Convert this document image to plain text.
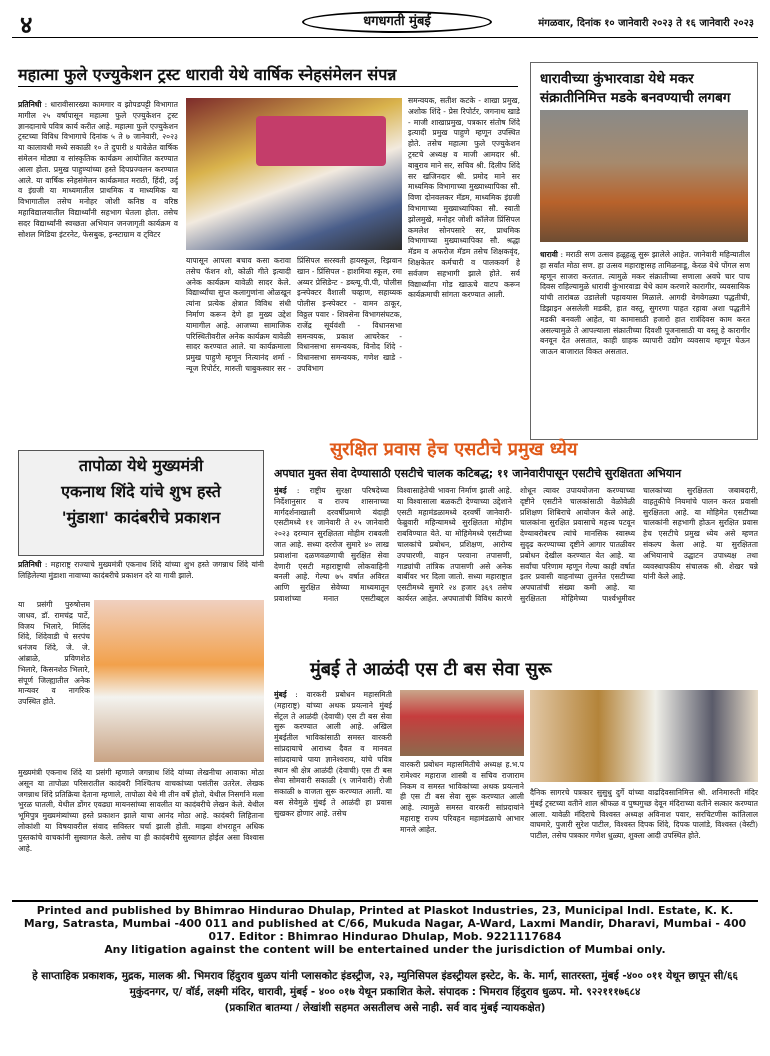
४	धगधगती मुंबई	मंगळवार, दिनांक १० जानेवारी २०२३ ते १६ जानेवारी २०२३
महात्मा फुले एज्युकेशन ट्रस्ट धारावी येथे वार्षिक स्नेहसंमेलन संपन्न
प्रतिनिधी : धारावीसारख्या कामगार व झोपडपट्टी विभागात मागील २५ वर्षापासून महात्मा फुले एज्युकेशन ट्रस्ट ज्ञानदानाचे पवित्र कार्य करीत आहे. महात्मा फुले एज्युकेशन ट्रस्टच्या विविध विभागाचे दिनांक ५ ते ७ जानेवारी, २०२३ या कालावधी मध्ये सकाळी १० ते दुपारी ४ यावेळेत वार्षिक संमेलन मोठ्या व सांस्कृतिक कार्यक्रम आयोजित करण्यात आला होता. प्रमुख पाहुण्यांच्या हस्ते दिपप्रज्वलन करण्यात आले. या वार्षिक स्नेहसंमेलन कार्यक्रमात मराठी, हिंदी, उर्दू व इंग्रजी या माध्यमातील प्राथमिक व माध्यमिक या विभागातील तसेच मनोहर जोशी कनिष्ठ व वरिष्ठ महाविद्यालयातील विद्यार्थ्यांनी सहभाग घेतला होता. तसेच सदर विद्यार्थ्यांनी स्वच्छता अभियान जनजागृती कार्यक्रम व सोशल मिडिया इंटरनेट, फेसबुक, इन्स्टाग्राम व ट्विटर
यापासून आपला बचाव कसा करावा तसेच फॅशन शो, कोळी गीते इत्यादी अनेक कार्यक्रम यावेळी सादर केले. विद्यार्थ्यांचा सुप्त कलागुणांना ओळखून त्यांना प्रत्येक क्षेत्रात विविध संधी निर्माण करून देणे हा मुख्य उद्देश यामागील आहे. आजच्या सामाजिक परिस्थितीवरील अनेक कार्यक्रम यावेळी सादर करण्यात आले. या कार्यक्रमाला प्रमुख पाहुणे म्हणून नित्यानंद शर्मा - न्यूज रिपोर्टर, मारुती चाबुकस्वार सर - प्रिंसिपल सरस्वती हायस्कूल, रिझवान खान - प्रिंसिपल - हाशमिया स्कूल, रमा अय्यर प्रेसिडेन्ट - डब्ल्यू.पी.पी, पोलीस इन्स्पेक्टर वैशाली चव्हाण, सहाय्यक पोलीस इन्स्पेक्टर - वामन ठाकूर, विठ्ठल पवार - शिवसेना विभागसंघटक, राजेंद्र सूर्यवंशी - विधानसभा समन्वयक, प्रकाश आचरेकर - विधानसभा समन्वयक, विनोद शिंदे - विधानसभा समन्वयक, गणेश खाडे - उपविभाग
समन्वयक, सतीश कटके - शाखा प्रमुख, अशोक शिंदे - प्रेस रिपोर्टर, जगनाथ खाडे - माजी शाखाप्रमुख, पत्रकार संतोष शिंदे इत्यादी प्रमुख पाहुणे म्हणून उपस्थित होते. तसेच महात्मा फुले एज्युकेशन ट्रस्टचे अध्यक्ष व माजी आमदार श्री. बाबुराव माने सर, सचिव श्री. दिलीप शिंदे सर खजिनदार श्री. प्रमोद माने सर माध्यमिक विभागाच्या मुख्याध्यापिका सौ. विणा दोनवलकर मॅडम, माध्यमिक इंग्रजी विभागाच्या मुख्याध्यापिका सौ. स्वाती झोलमुखे, मनोहर जोशी कॉलेज प्रिंसिपल कमलेश सोनपसारे सर, प्राथमिक विभागाच्या मुख्याध्यापिका सौ. श्रद्धा मॅडम व अफरोज मॅडम तसेच शिक्षकवृंद, शिक्षकेतर कर्मचारी व पालकवर्ग हे सर्वजण सहभागी झाले होते. सर्व विद्यार्थ्यांना गोड खाऊचे वाटप करून कार्यक्रमाची सांगता करण्यात आली.
धारावीच्या कुंभारवाडा येथे मकर संक्रातीनिमित्त मडके बनवण्याची लगबग
धारावी : मराठी सण उत्सव हळूहळू सुरू झालेले आहेत. जानेवारी महिन्यातील हा सर्वांत मोठा सण. हा उत्सव महाराष्ट्रासह तामिळनाडू, केरळ येथे पोंगल सण म्हणून साजरा करतात. त्यामुळे मकर संक्रातीच्या सणाला अवघे चार पाच दिवस राहिल्यामुळे धारावी कुंभारवाडा येथे काम करणारे कारागीर, व्यवसायिक यांची तारांबळ उडालेली पहावयास मिळाले. आगदी वेगवेगळ्या पद्धतीची, डिझाइन असलेली मडकी, हात वस्तू, सुगरणा पाहत रहावा अशा पद्धतीने मडकी बनवली आहेत, या कामासाठी हजारो हात रात्रंदिवस काम करत असल्यामुळे ते आपल्याला संक्रातीच्या दिवशी पूजनासाठी या वस्तू हे कारागीर बनवून देत असतात, काही ग्राहक व्यापारी उद्योग व्यवसाय म्हणून घेऊन जाऊन बाजारात विकत असतात.
तापोळा येथे मुख्यमंत्री
एकनाथ शिंदे यांचे शुभ हस्ते
'मुंडाशा' कादंबरीचे प्रकाशन
प्रतिनिधी : महाराष्ट्र राज्याचे मुख्यमंत्री एकनाथ शिंदे यांच्या शुभ हस्ते जगन्नाथ शिंदे यांनी लिहिलेल्या मुंडाशा नावाच्या कादंबरीचे प्रकाशन दरे या गावी झाले.
या प्रसंगी पुरुषोत्तम जाधव, डॉ. रामचंद्र पार्टे, विजय भिलारे, मिलिंद शिंदे, शिंदेवाडी चे सरपंच धनंजय शिंदे, जे. जे. आंब्राळे, प्रविणशेठ भिलारे, किसनशेठ भिलारे, संपूर्ण जिल्ह्यातील अनेक मान्यवर व नागरिक उपस्थित होते.
मुख्यमंत्री एकनाथ शिंदे या प्रसंगी म्हणाले जगन्नाथ शिंदे यांच्या लेखनीचा आवाका मोठा असून या तापोळा परिसरातील कादंबरी निश्चितच वाचकांच्या पसंतीस उतरेल. लेखक जगन्नाथ शिंदे प्रतिक्रिया देताना म्हणाले, तापोळा येथे मी तीन वर्षे होतो, येथील निसर्गाने मला भुरळ घातली, येथील डोंगर एवढ्या मायनसांच्या सावलीत या कादंबरीचे लेखन केले. येथील भूमिपुत्र मुख्यमंत्र्यांच्या हस्ते प्रकाशन झाले याचा आनंद मोठा आहे. कादंबरी लिहिताना लोकांशी या विषयावरील संवाद सविस्तर चर्चा झाली होती. माझ्या शंभराहून अधिक पुस्तकांचे वाचकांनी सुस्वागत केले. तसेच या ही कादंबरीचे सुस्वागत होईल असा विश्वास आहे.
सुरक्षित प्रवास हेच एसटीचे प्रमुख ध्येय
अपघात मुक्त सेवा देण्यासाठी एसटीचे चालक कटिबद्ध; ११ जानेवारीपासून एसटीचे सुरक्षितता अभियान
मुंबई : राष्ट्रीय सुरक्षा परिषदेच्या निर्देशानुसार व राज्य शासनाच्या मार्गदर्शनाखाली दरवर्षीप्रमाणे यंदाही एसटीमध्ये ११ जानेवारी ते २५ जानेवारी २०२३ दरम्यान सुरक्षितता मोहीम राबवली जात आहे. सध्या दररोज सुमारे ४० लाख प्रवाशांना दळणवळणाची सुरक्षित सेवा देणारी एसटी महाराष्ट्राची लोकवाहिनी बनली आहे. गेल्या ७५ वर्षात अविरत आणि सुरक्षित सेवेच्या माध्यमातून प्रवाशांच्या मनात एसटीबद्दल विश्वासाहेतेची भावना निर्माण झाली आहे. या विश्वासाला बळकटी देण्याच्या उद्देशाने एसटी महामंडळामध्ये दरवर्षी जानेवारी-फेब्रुवारी महिन्यामध्ये सुरक्षितता मोहीम राबविण्यात येते. या मोहिमेमध्ये एसटीच्या चालकांचे प्रबोधन, प्रशिक्षण, आरोग्य उपचारणी, वाहन परवाना तपासणी, गाड्यांची तांत्रिक तपासणी असे अनेक बाबींवर भर दिला जातो. सध्या महाराष्ट्रात एसटीमध्ये सुमारे २४ हजार ३६९ तसेच कार्यरत आहेत. अपघातांची विविध कारणे शोधून त्यावर उपाययोजना करण्याच्या दृष्टीने एसटीने चालकांसाठी वेळोवेळी प्रशिक्षण शिबिराचे आयोजन केले आहे. चालकांना सुरक्षित प्रवासाचे महत्त्व पटवून देण्याबरोबरच त्यांचे मानसिक स्वास्थ्य सुदृढ करण्याच्या दृष्टीने आगार पातळीवर प्रबोधन देखील करण्यात येत आहे. या सर्वांचा परिणाम म्हणून गेल्या काही वर्षात इतर प्रवासी वाहनांच्या तुलनेत एसटीच्या अपघातांची संख्या कमी आहे. या सुरक्षितता मोहिमेच्या पार्श्वभूमीवर चालकांच्या सुरक्षितता जबाबदारी, वाहतुकीचे नियमांचे पालन करत प्रवासी सुरक्षितता आहे. या मोहिमेत एसटीच्या चालकांनी सहभागी होऊन सुरक्षित प्रवास हेच एसटीचे प्रमुख ध्येय असे म्हणत संकल्प केला आहे. या सुरक्षितता अभियानाचे उद्घाटन उपाध्यक्ष तथा व्यवस्थापकीय संचालक श्री. शेखर चन्ने यांनी केले आहे.
मुंबई ते आळंदी एस टी बस सेवा सुरू
मुंबई : वारकरी प्रबोधन महासमिती (महाराष्ट्र) यांच्या अथक प्रयत्नाने मुंबई सेंट्रल ते आळंदी (देवाची) एस टी बस सेवा सुरू करण्यात आली आहे. अखिल मुंबईतील भाविकांसाठी समस्त वारकरी सांप्रदायाचे आराध्य दैवत व मानवत सांप्रदायाचे पाया ज्ञानेश्वराय, यांचे पवित्र स्थान श्री क्षेत्र आळंदी (देवाची) एस टी बस सेवा सोमवारी सकाळी (९ जानेवारी) रोजी सकाळी ७ वाजता सुरू करण्यात आली. या बस सेवेमुळे मुंबई ते आळंदी हा प्रवास सुखकर होणार आहे. तसेच
वारकरी प्रबोधन महासमितीचे अध्यक्ष ह.भ.प रामेश्वर महाराज शास्त्री व सचिव राजाराम निकम व समस्त भाविकांच्या अथक प्रयत्नाने ही एस टी बस सेवा सुरू करण्यात आली आहे. त्यामुळे समस्त वारकरी सांप्रदायांने महाराष्ट्र राज्य परिवहन महामंडळाचे आभार मानले आहेत.
दैनिक सागरचे पत्रकार सुसुधु दुर्गे यांच्या वाढदिवसानिमित्त श्री. शनिमारुती मंदिर मुंबई ट्रस्टच्या वतीने शाल श्रीफळ व पुष्पगुच्छ देवून मंदिराच्या वतीने सत्कार करण्यात आला. यावेळी मंदिराचे विश्वस्त अध्यक्ष अविनाश पवार, सरचिटणीस कांतिलाल वाघमारे, पुजारी सुरेश पाटील, विश्वस्त दिपक शिंदे, दिपक पालांडे, विश्वस्त (वेस्टी) पाटील, तसेच पत्रकार गणेश धुळ्या, शुक्ला आदी उपस्थित होते.
Printed and published by Bhimrao Hindurao Dhulap, Printed at Plaskot Industries, 23, Municipal Indl. Estate, K. K. Marg, Satrasta, Mumbai -400 011 and published at C/66, Mukuda Nagar, A-Ward, Laxmi Mandir, Dharavi, Mumbai - 400 017. Editor : Bhimrao Hindurao Dhulap, Mob. 9221117684
Any litigation against the content will be entertained under the jurisdiction of Mumbai only.
हे साप्ताहिक प्रकाशक, मुद्रक, मालक श्री. भिमराव हिंदुराव धुळप यांनी प्लासकोट इंडस्ट्रीज, २३, म्युनिसिपल इंडस्ट्रीयल इस्टेट, के. के. मार्ग, सातरस्ता, मुंबई -४०० ०११ येथून छापून सी/६६ मुकुंदनगर, ए/ वॉर्ड, लक्ष्मी मंदिर, धारावी, मुंबई - ४०० ०१७ येथून प्रकाशित केले. संपादक : भिमराव हिंदुराव धुळप. मो. ९२२१११७६८४
(प्रकाशित बातम्या / लेखांशी सहमत असतीलच असे नाही. सर्व वाद मुंबई न्यायकक्षेत)
